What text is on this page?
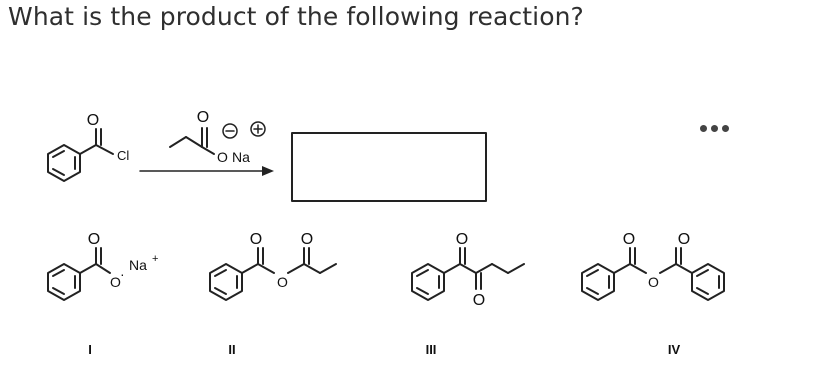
What is the product of the following reaction?
O
Cl
O
O Na
O
O ·
Na +
I
O
O
O
II
O
O
III
O
O
O
IV
